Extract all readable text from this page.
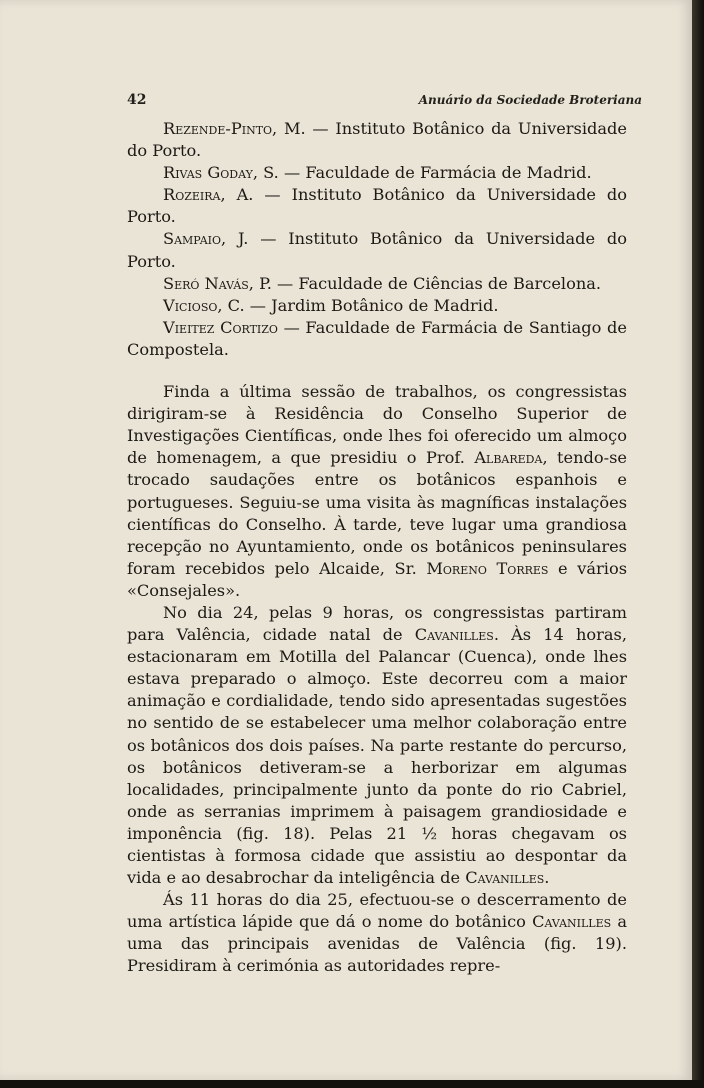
42	Anuário da Sociedade Broteriana

Rezende-Pinto, M. — Instituto Botânico da Universidade do Porto.

Rivas Goday, S. — Faculdade de Farmácia de Madrid.

Rozeira, A. — Instituto Botânico da Universidade do Porto.

Sampaio, J. — Instituto Botânico da Universidade do Porto.

Seró Navás, P. — Faculdade de Ciências de Barcelona.

Vicioso, C. — Jardim Botânico de Madrid.

Vieitez Cortizo — Faculdade de Farmácia de Santiago de Compostela.

Finda a última sessão de trabalhos, os congressistas dirigiram-se à Residência do Conselho Superior de Investigações Científicas, onde lhes foi oferecido um almoço de homenagem, a que presidiu o Prof. Albareda, tendo-se trocado saudações entre os botânicos espanhois e portugueses. Seguiu-se uma visita às magníficas instalações científicas do Conselho. À tarde, teve lugar uma grandiosa recepção no Ayuntamiento, onde os botânicos peninsulares foram recebidos pelo Alcaide, Sr. Moreno Torres e vários «Consejales».

No dia 24, pelas 9 horas, os congressistas partiram para Valência, cidade natal de Cavanilles. Às 14 horas, estacionaram em Motilla del Palancar (Cuenca), onde lhes estava preparado o almoço. Este decorreu com a maior animação e cordialidade, tendo sido apresentadas sugestões no sentido de se estabelecer uma melhor colaboração entre os botânicos dos dois países. Na parte restante do percurso, os botânicos detiveram-se a herborizar em algumas localidades, principalmente junto da ponte do rio Cabriel, onde as serranias imprimem à paisagem grandiosidade e imponência (fig. 18). Pelas 21 ½ horas chegavam os cientistas à formosa cidade que assistiu ao despontar da vida e ao desabrochar da inteligência de Cavanilles.

Ás 11 horas do dia 25, efectuou-se o descerramento de uma artística lápide que dá o nome do botânico Cavanilles a uma das principais avenidas de Valência (fig. 19). Presidiram à cerimónia as autoridades repre-
